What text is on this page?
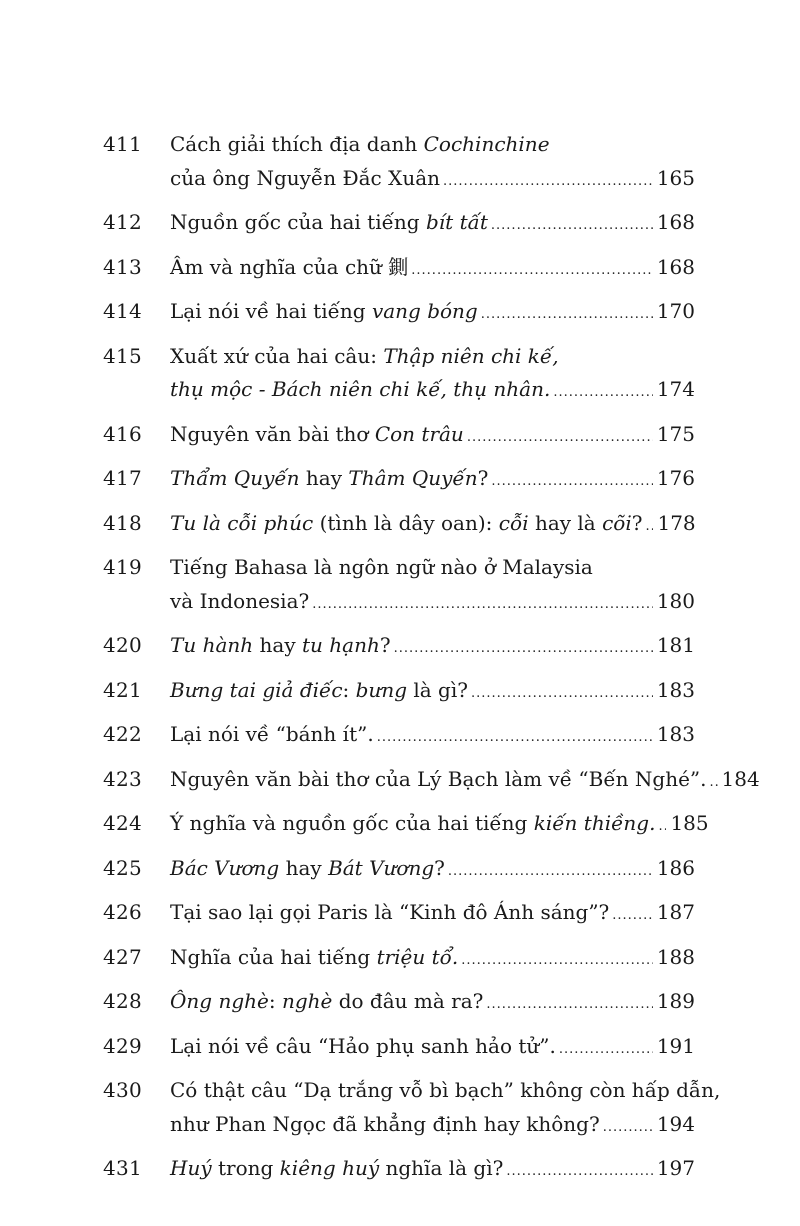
411	Cách giải thích địa danh Cochinchine
của ông Nguyễn Đắc Xuân .....	165
412	Nguồn gốc của hai tiếng bít tất .....	168
413	Âm và nghĩa của chữ 鍘 .....	168
414	Lại nói về hai tiếng vang bóng .....	170
415	Xuất xứ của hai câu: Thập niên chi kế,
thụ mộc - Bách niên chi kế, thụ nhân. .....	174
416	Nguyên văn bài thơ Con trâu .....	175
417	Thẩm Quyến hay Thâm Quyến? .....	176
418	Tu là cỗi phúc (tình là dây oan): cỗi hay là cõi? ..... 178
419	Tiếng Bahasa là ngôn ngữ nào ở Malaysia
và Indonesia? .....	180
420	Tu hành hay tu hạnh? .....	181
421	Bưng tai giả điếc: bưng là gì? .....	183
422	Lại nói về “bánh ít”. .....	183
423	Nguyên văn bài thơ của Lý Bạch làm về “Bến Nghé”. ..... 184
424	Ý nghĩa và nguồn gốc của hai tiếng kiến thiềng. ..... 185
425	Bác Vương hay Bát Vương? .....	186
426	Tại sao lại gọi Paris là “Kinh đô Ánh sáng”? ..... 187
427	Nghĩa của hai tiếng triệu tổ. .....	188
428	Ông nghè: nghè do đâu mà ra? .....	189
429	Lại nói về câu “Hảo phụ sanh hảo tử”. .....	191
430	Có thật câu “Dạ trắng vỗ bì bạch” không còn hấp dẫn,
như Phan Ngọc đã khẳng định hay không? .....	194
431	Huý trong kiêng huý nghĩa là gì? .....	197
